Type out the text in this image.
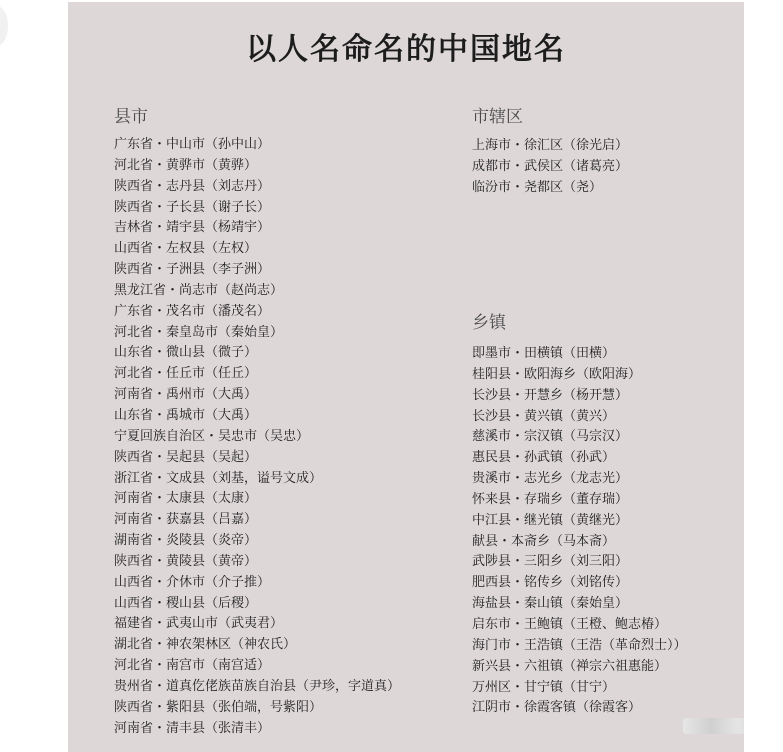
以人名命名的中国地名
县市
广东省・中山市（孙中山）
河北省・黄骅市（黄骅）
陕西省・志丹县（刘志丹）
陕西省・子长县（谢子长）
吉林省・靖宇县（杨靖宇）
山西省・左权县（左权）
陕西省・子洲县（李子洲）
黑龙江省・尚志市（赵尚志）
广东省・茂名市（潘茂名）
河北省・秦皇岛市（秦始皇）
山东省・微山县（微子）
河北省・任丘市（任丘）
河南省・禹州市（大禹）
山东省・禹城市（大禹）
宁夏回族自治区・吴忠市（吴忠）
陕西省・吴起县（吴起）
浙江省・文成县（刘基，谥号文成）
河南省・太康县（太康）
河南省・获嘉县（吕嘉）
湖南省・炎陵县（炎帝）
陕西省・黄陵县（黄帝）
山西省・介休市（介子推）
山西省・稷山县（后稷）
福建省・武夷山市（武夷君）
湖北省・神农架林区（神农氏）
河北省・南宫市（南宫适）
贵州省・道真仡佬族苗族自治县（尹珍，字道真）
陕西省・紫阳县（张伯端，号紫阳）
河南省・清丰县（张清丰）
市辖区
上海市・徐汇区（徐光启）
成都市・武侯区（诸葛亮）
临汾市・尧都区（尧）
乡镇
即墨市・田横镇（田横）
桂阳县・欧阳海乡（欧阳海）
长沙县・开慧乡（杨开慧）
长沙县・黄兴镇（黄兴）
慈溪市・宗汉镇（马宗汉）
惠民县・孙武镇（孙武）
贵溪市・志光乡（龙志光）
怀来县・存瑞乡（董存瑞）
中江县・继光镇（黄继光）
献县・本斋乡（马本斋）
武陟县・三阳乡（刘三阳）
肥西县・铭传乡（刘铭传）
海盐县・秦山镇（秦始皇）
启东市・王鲍镇（王橙、鲍志椿）
海门市・王浩镇（王浩（革命烈士））
新兴县・六祖镇（禅宗六祖惠能）
万州区・甘宁镇（甘宁）
江阴市・徐霞客镇（徐霞客）
